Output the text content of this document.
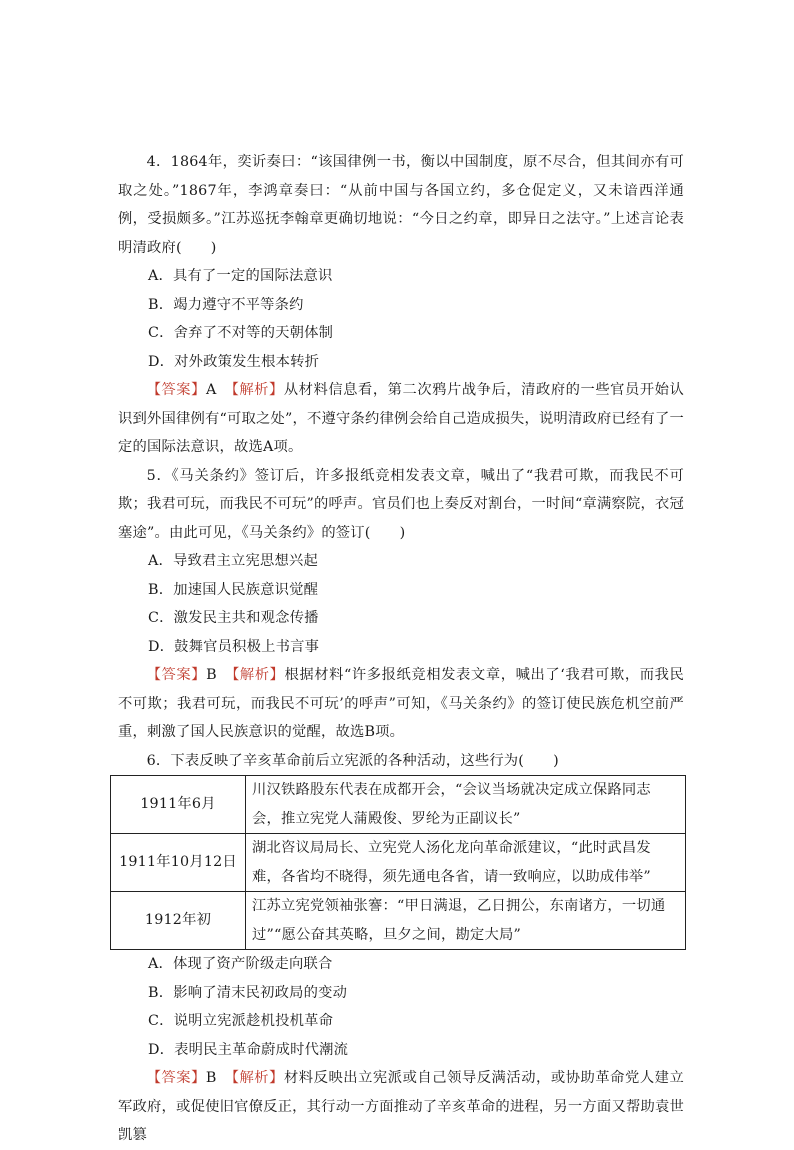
4．1864年，奕䜣奏曰：“该国律例一书，衡以中国制度，原不尽合，但其间亦有可取之处。”1867年，李鸿章奏曰：“从前中国与各国立约，多仓促定义，又未谙西洋通例，受损颇多。”江苏巡抚李翰章更确切地说：“今日之约章，即异日之法守。”上述言论表明清政府(　　)

A．具有了一定的国际法意识

B．竭力遵守不平等条约

C．舍弃了不对等的天朝体制

D．对外政策发生根本转折

【答案】A　 【解析】从材料信息看，第二次鸦片战争后，清政府的一些官员开始认识到外国律例有“可取之处”，不遵守条约律例会给自己造成损失，说明清政府已经有了一定的国际法意识，故选A项。

5．《马关条约》签订后，许多报纸竞相发表文章，喊出了“我君可欺，而我民不可欺；我君可玩，而我民不可玩”的呼声。官员们也上奏反对割台，一时间“章满察院，衣冠塞途”。由此可见，《马关条约》的签订(　　)

A．导致君主立宪思想兴起

B．加速国人民族意识觉醒

C．激发民主共和观念传播

D．鼓舞官员积极上书言事

【答案】B　 【解析】根据材料“许多报纸竞相发表文章，喊出了‘我君可欺，而我民不可欺；我君可玩，而我民不可玩’的呼声”可知，《马关条约》的签订使民族危机空前严重，刺激了国人民族意识的觉醒，故选B项。

6．下表反映了辛亥革命前后立宪派的各种活动，这些行为(　　)

1911年6月	川汉铁路股东代表在成都开会，“会议当场就决定成立保路同志会，推立宪党人蒲殿俊、罗纶为正副议长”
1911年10月12日	湖北咨议局局长、立宪党人汤化龙向革命派建议，“此时武昌发难，各省均不晓得，须先通电各省，请一致响应，以助成伟举”
1912年初	江苏立宪党领袖张謇：“甲日满退，乙日拥公，东南诸方，一切通过”“愿公奋其英略，旦夕之间，勘定大局”

A．体现了资产阶级走向联合

B．影响了清末民初政局的变动

C．说明立宪派趁机投机革命

D．表明民主革命蔚成时代潮流

【答案】B　 【解析】材料反映出立宪派或自己领导反满活动，或协助革命党人建立军政府，或促使旧官僚反正，其行动一方面推动了辛亥革命的进程，另一方面又帮助袁世凯篡
